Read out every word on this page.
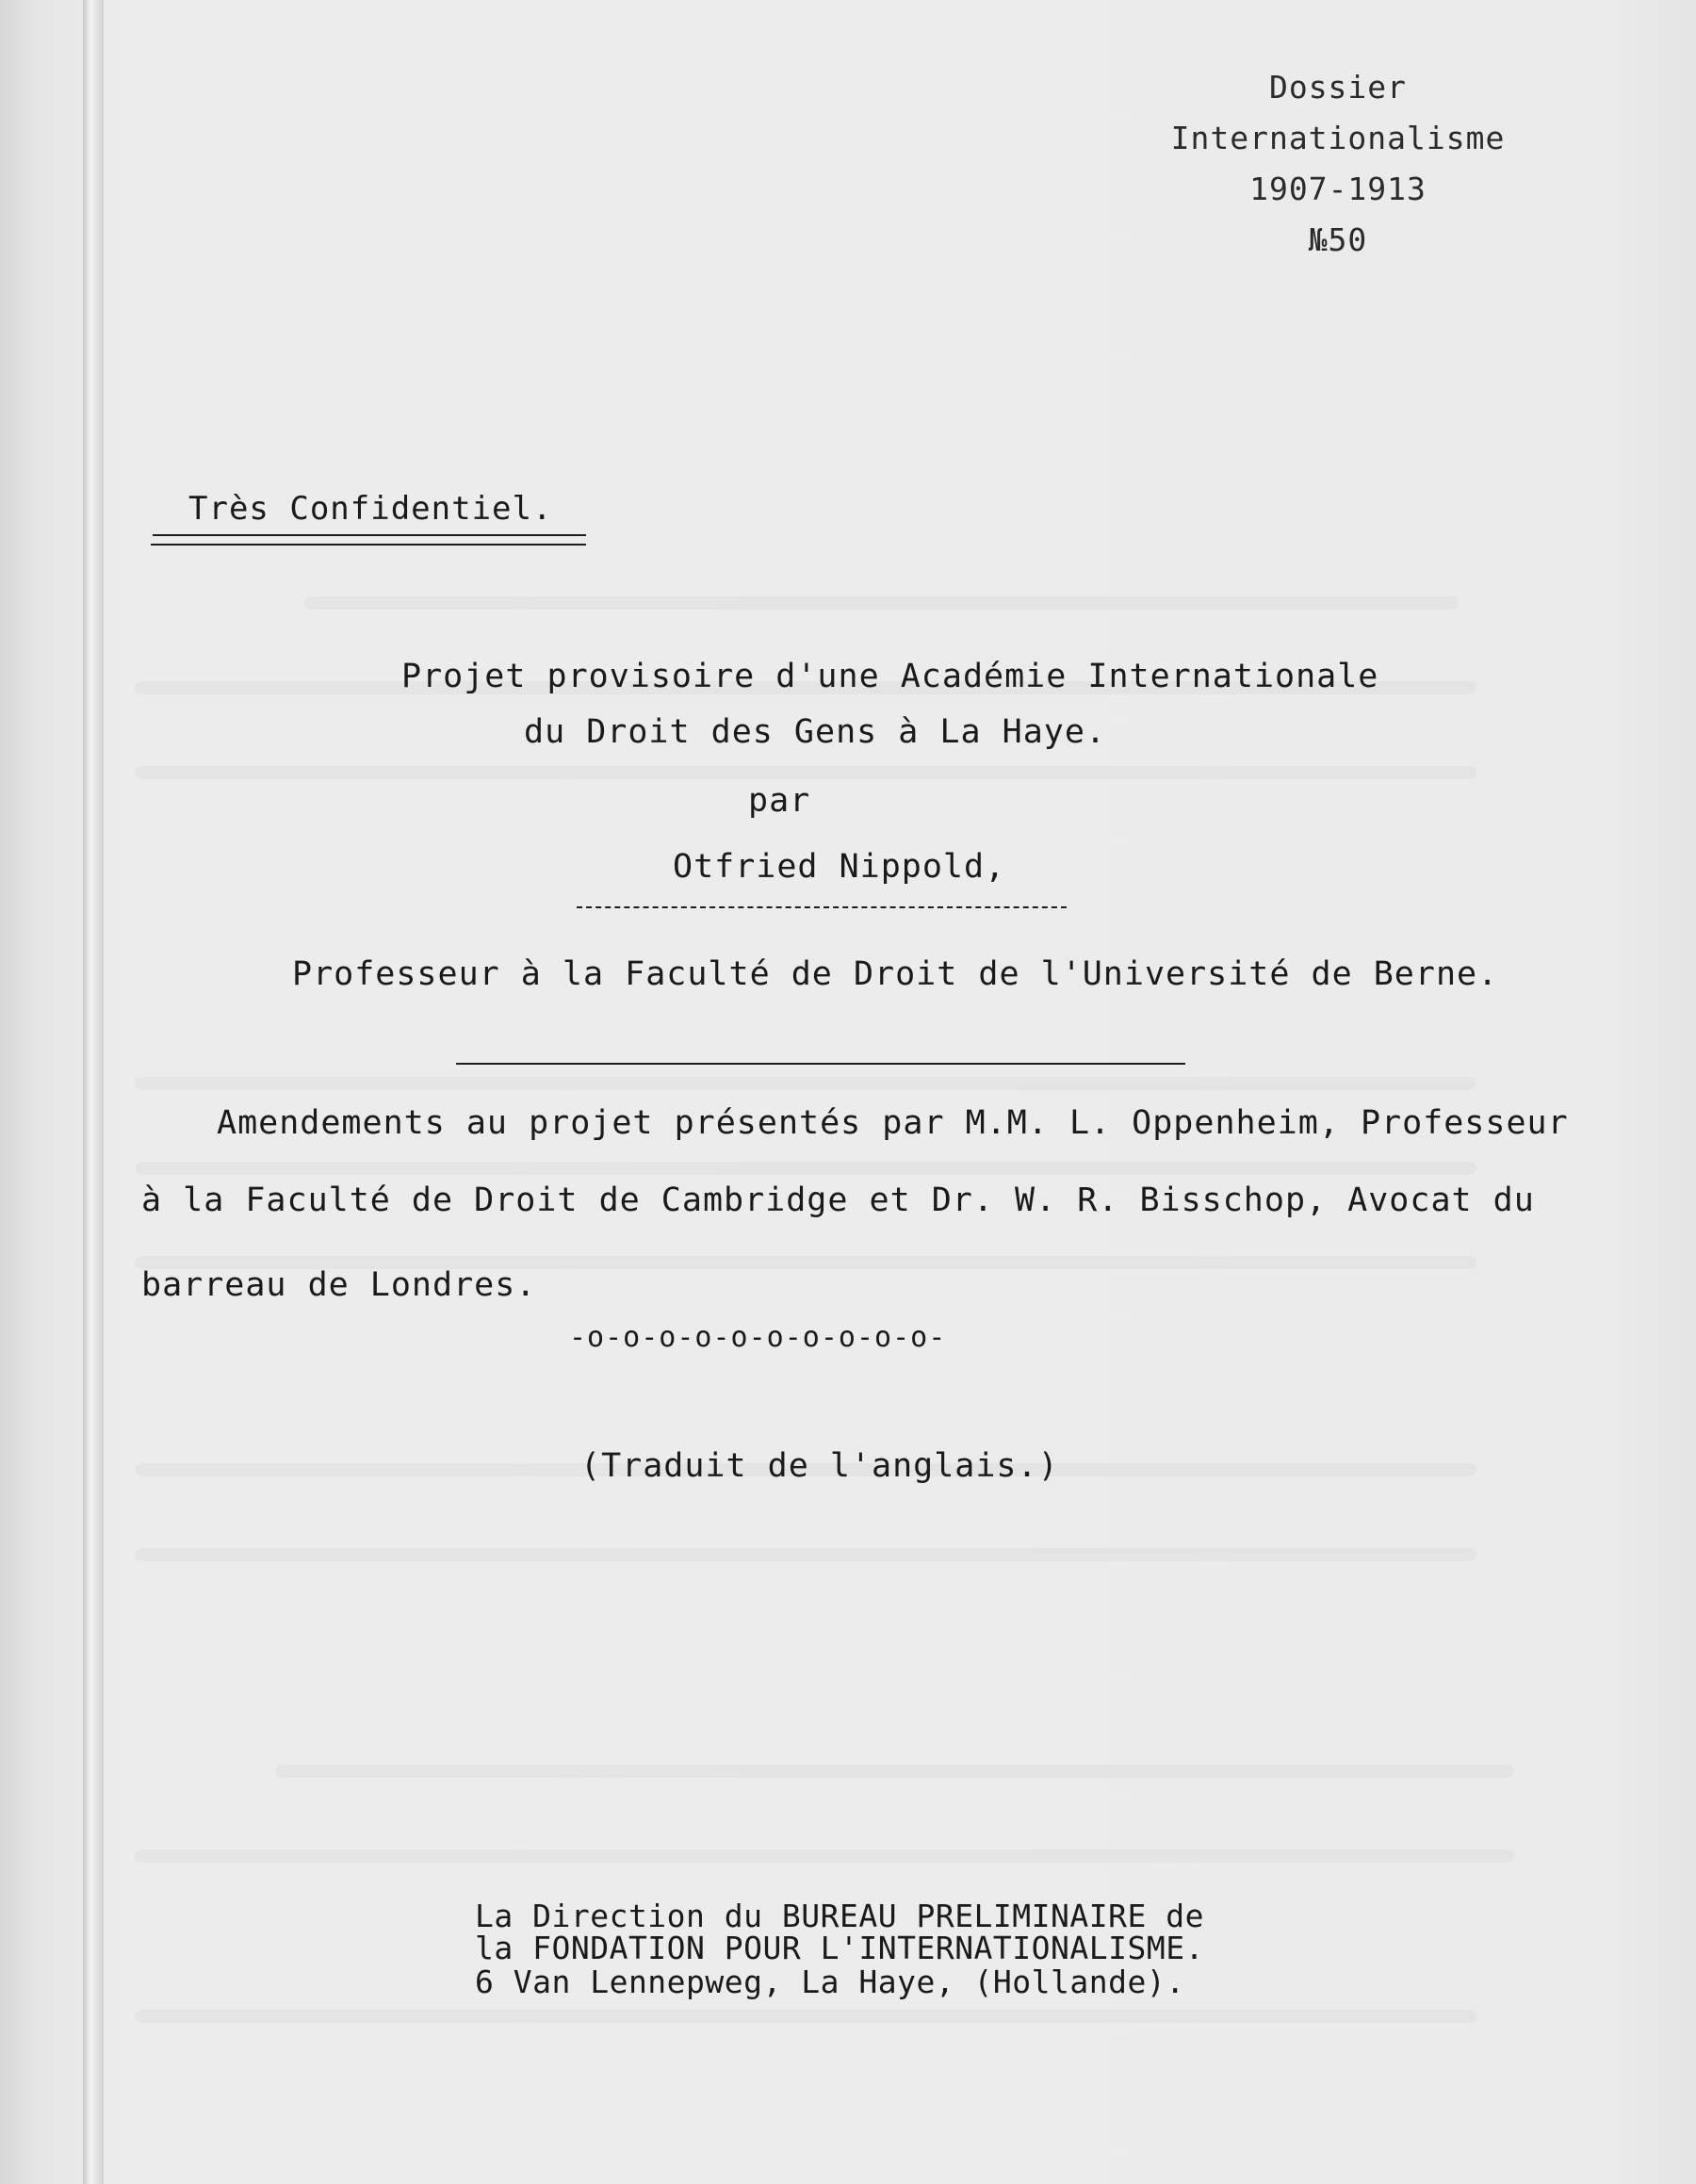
Dossier
Internationalisme
1907-1913
№50
Très Confidentiel.
Projet provisoire d'une Académie Internationale
du Droit des Gens à La Haye.
par
Otfried Nippold,
Professeur à la Faculté de Droit de l'Université de Berne.
Amendements au projet présentés par M.M. L. Oppenheim, Professeur
à la Faculté de Droit de Cambridge et Dr. W. R. Bisschop, Avocat du
barreau de Londres.
-o-o-o-o-o-o-o-o-o-o-
(Traduit de l'anglais.)
La Direction du BUREAU PRELIMINAIRE de
la FONDATION POUR L'INTERNATIONALISME.
6 Van Lennepweg, La Haye, (Hollande).
